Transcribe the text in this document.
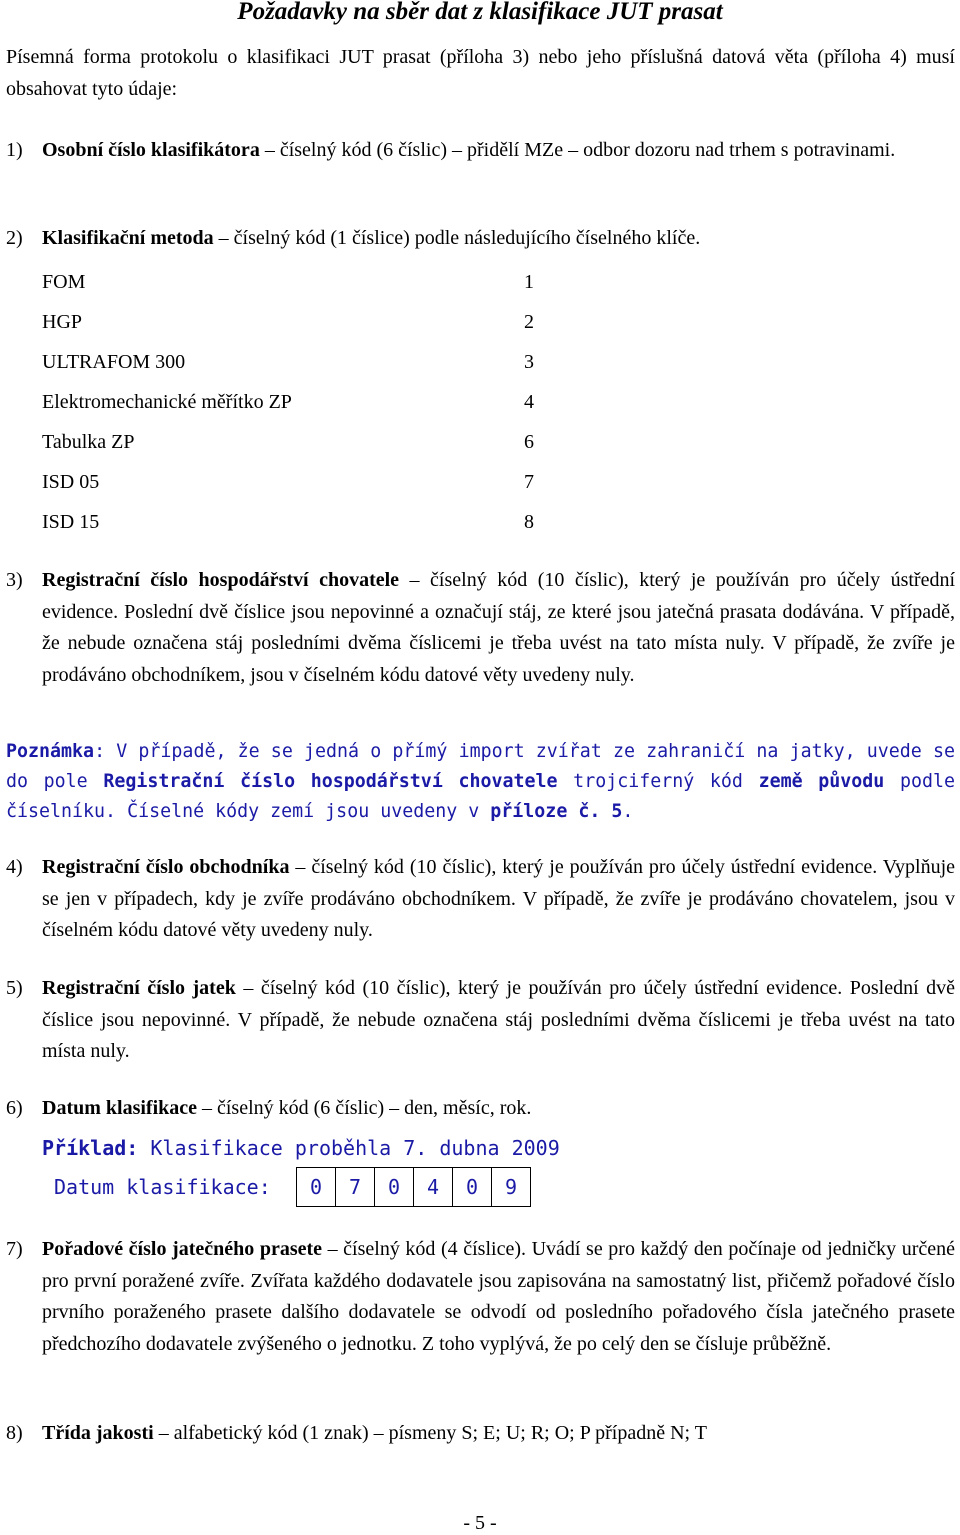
Požadavky na sběr dat z klasifikace JUT prasat

Písemná forma protokolu o klasifikaci JUT prasat (příloha 3) nebo jeho příslušná datová věta (příloha 4) musí obsahovat tyto údaje:

1) Osobní číslo klasifikátora – číselný kód (6 číslic) – přidělí MZe – odbor dozoru nad trhem s potravinami.
2) Klasifikační metoda – číselný kód (1 číslice) podle následujícího číselného klíče.
FOM	1
HGP	2
ULTRAFOM 300	3
Elektromechanické měřítko ZP	4
Tabulka ZP	6
ISD 05	7
ISD 15	8
3) Registrační číslo hospodářství chovatele – číselný kód (10 číslic), který je používán pro účely ústřední evidence. Poslední dvě číslice jsou nepovinné a označují stáj, ze které jsou jatečná prasata dodávána. V případě, že nebude označena stáj posledními dvěma číslicemi je třeba uvést na tato místa nuly. V případě, že zvíře je prodáváno obchodníkem, jsou v číselném kódu datové věty uvedeny nuly.

Poznámka: V případě, že se jedná o přímý import zvířat ze zahraničí na jatky, uvede se do pole Registrační číslo hospodářství chovatele trojciferný kód země původu podle číselníku. Číselné kódy zemí jsou uvedeny v příloze č. 5.

4) Registrační číslo obchodníka – číselný kód (10 číslic), který je používán pro účely ústřední evidence. Vyplňuje se jen v případech, kdy je zvíře prodáváno obchodníkem. V případě, že zvíře je prodáváno chovatelem, jsou v číselném kódu datové věty uvedeny nuly.
5) Registrační číslo jatek – číselný kód (10 číslic), který je používán pro účely ústřední evidence. Poslední dvě číslice jsou nepovinné. V případě, že nebude označena stáj posledními dvěma číslicemi je třeba uvést na tato místa nuly.
6) Datum klasifikace – číselný kód (6 číslic) – den, měsíc, rok.
Příklad: Klasifikace proběhla 7. dubna 2009
Datum klasifikace:	0	7	0	4	0	9
7) Pořadové číslo jatečného prasete – číselný kód (4 číslice). Uvádí se pro každý den počínaje od jedničky určené pro první poražené zvíře. Zvířata každého dodavatele jsou zapisována na samostatný list, přičemž pořadové číslo prvního poraženého prasete dalšího dodavatele se odvodí od posledního pořadového čísla jatečného prasete předchozího dodavatele zvýšeného o jednotku. Z toho vyplývá, že po celý den se čísluje průběžně.
8) Třída jakosti – alfabetický kód (1 znak) – písmeny S; E; U; R; O; P případně N; T
- 5 -
